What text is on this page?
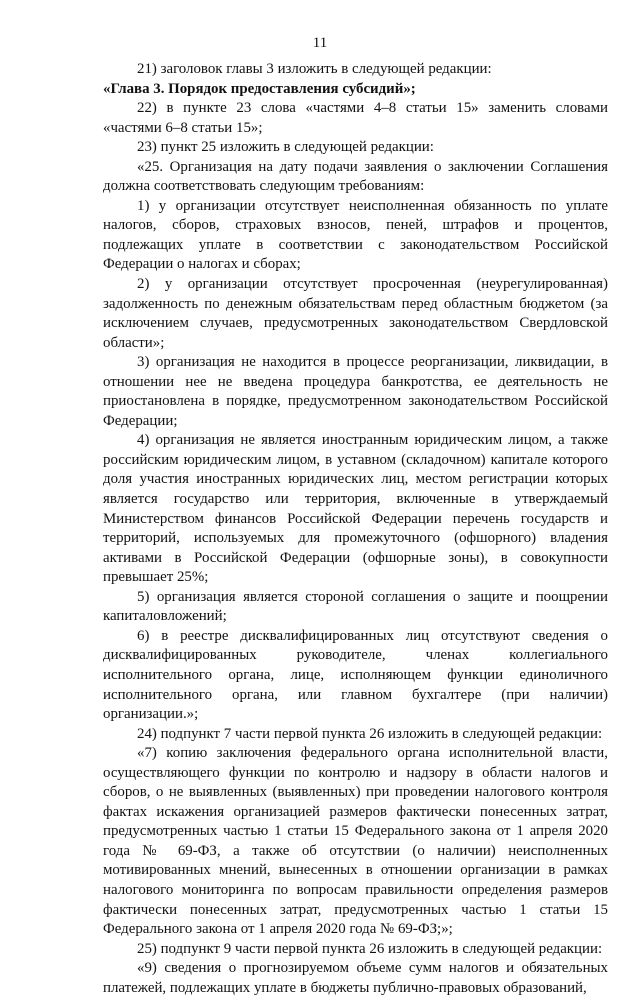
11

21) заголовок главы 3 изложить в следующей редакции:

«Глава 3. Порядок предоставления субсидий»;

22) в пункте 23 слова «частями 4–8 статьи 15» заменить словами «частями 6–8 статьи 15»;

23) пункт 25 изложить в следующей редакции:

«25. Организация на дату подачи заявления о заключении Соглашения должна соответствовать следующим требованиям:

1) у организации отсутствует неисполненная обязанность по уплате налогов, сборов, страховых взносов, пеней, штрафов и процентов, подлежащих уплате в соответствии с законодательством Российской Федерации о налогах и сборах;

2) у организации отсутствует просроченная (неурегулированная) задолженность по денежным обязательствам перед областным бюджетом (за исключением случаев, предусмотренных законодательством Свердловской области»;

3) организация не находится в процессе реорганизации, ликвидации, в отношении нее не введена процедура банкротства, ее деятельность не приостановлена в порядке, предусмотренном законодательством Российской Федерации;

4) организация не является иностранным юридическим лицом, а также российским юридическим лицом, в уставном (складочном) капитале которого доля участия иностранных юридических лиц, местом регистрации которых является государство или территория, включенные в утверждаемый Министерством финансов Российской Федерации перечень государств и территорий, используемых для промежуточного (офшорного) владения активами в Российской Федерации (офшорные зоны), в совокупности превышает 25%;

5) организация является стороной соглашения о защите и поощрении капиталовложений;

6) в реестре дисквалифицированных лиц отсутствуют сведения о дисквалифицированных руководителе, членах коллегиального исполнительного органа, лице, исполняющем функции единоличного исполнительного органа, или главном бухгалтере (при наличии) организации.»;

24) подпункт 7 части первой пункта 26 изложить в следующей редакции:

«7) копию заключения федерального органа исполнительной власти, осуществляющего функции по контролю и надзору в области налогов и сборов, о не выявленных (выявленных) при проведении налогового контроля фактах искажения организацией размеров фактически понесенных затрат, предусмотренных частью 1 статьи 15 Федерального закона от 1 апреля 2020 года № 69-ФЗ, а также об отсутствии (о наличии) неисполненных мотивированных мнений, вынесенных в отношении организации в рамках налогового мониторинга по вопросам правильности определения размеров фактически понесенных затрат, предусмотренных частью 1 статьи 15 Федерального закона от 1 апреля 2020 года № 69-ФЗ;»;

25) подпункт 9 части первой пункта 26 изложить в следующей редакции:

«9) сведения о прогнозируемом объеме сумм налогов и обязательных платежей, подлежащих уплате в бюджеты публично-правовых образований,
